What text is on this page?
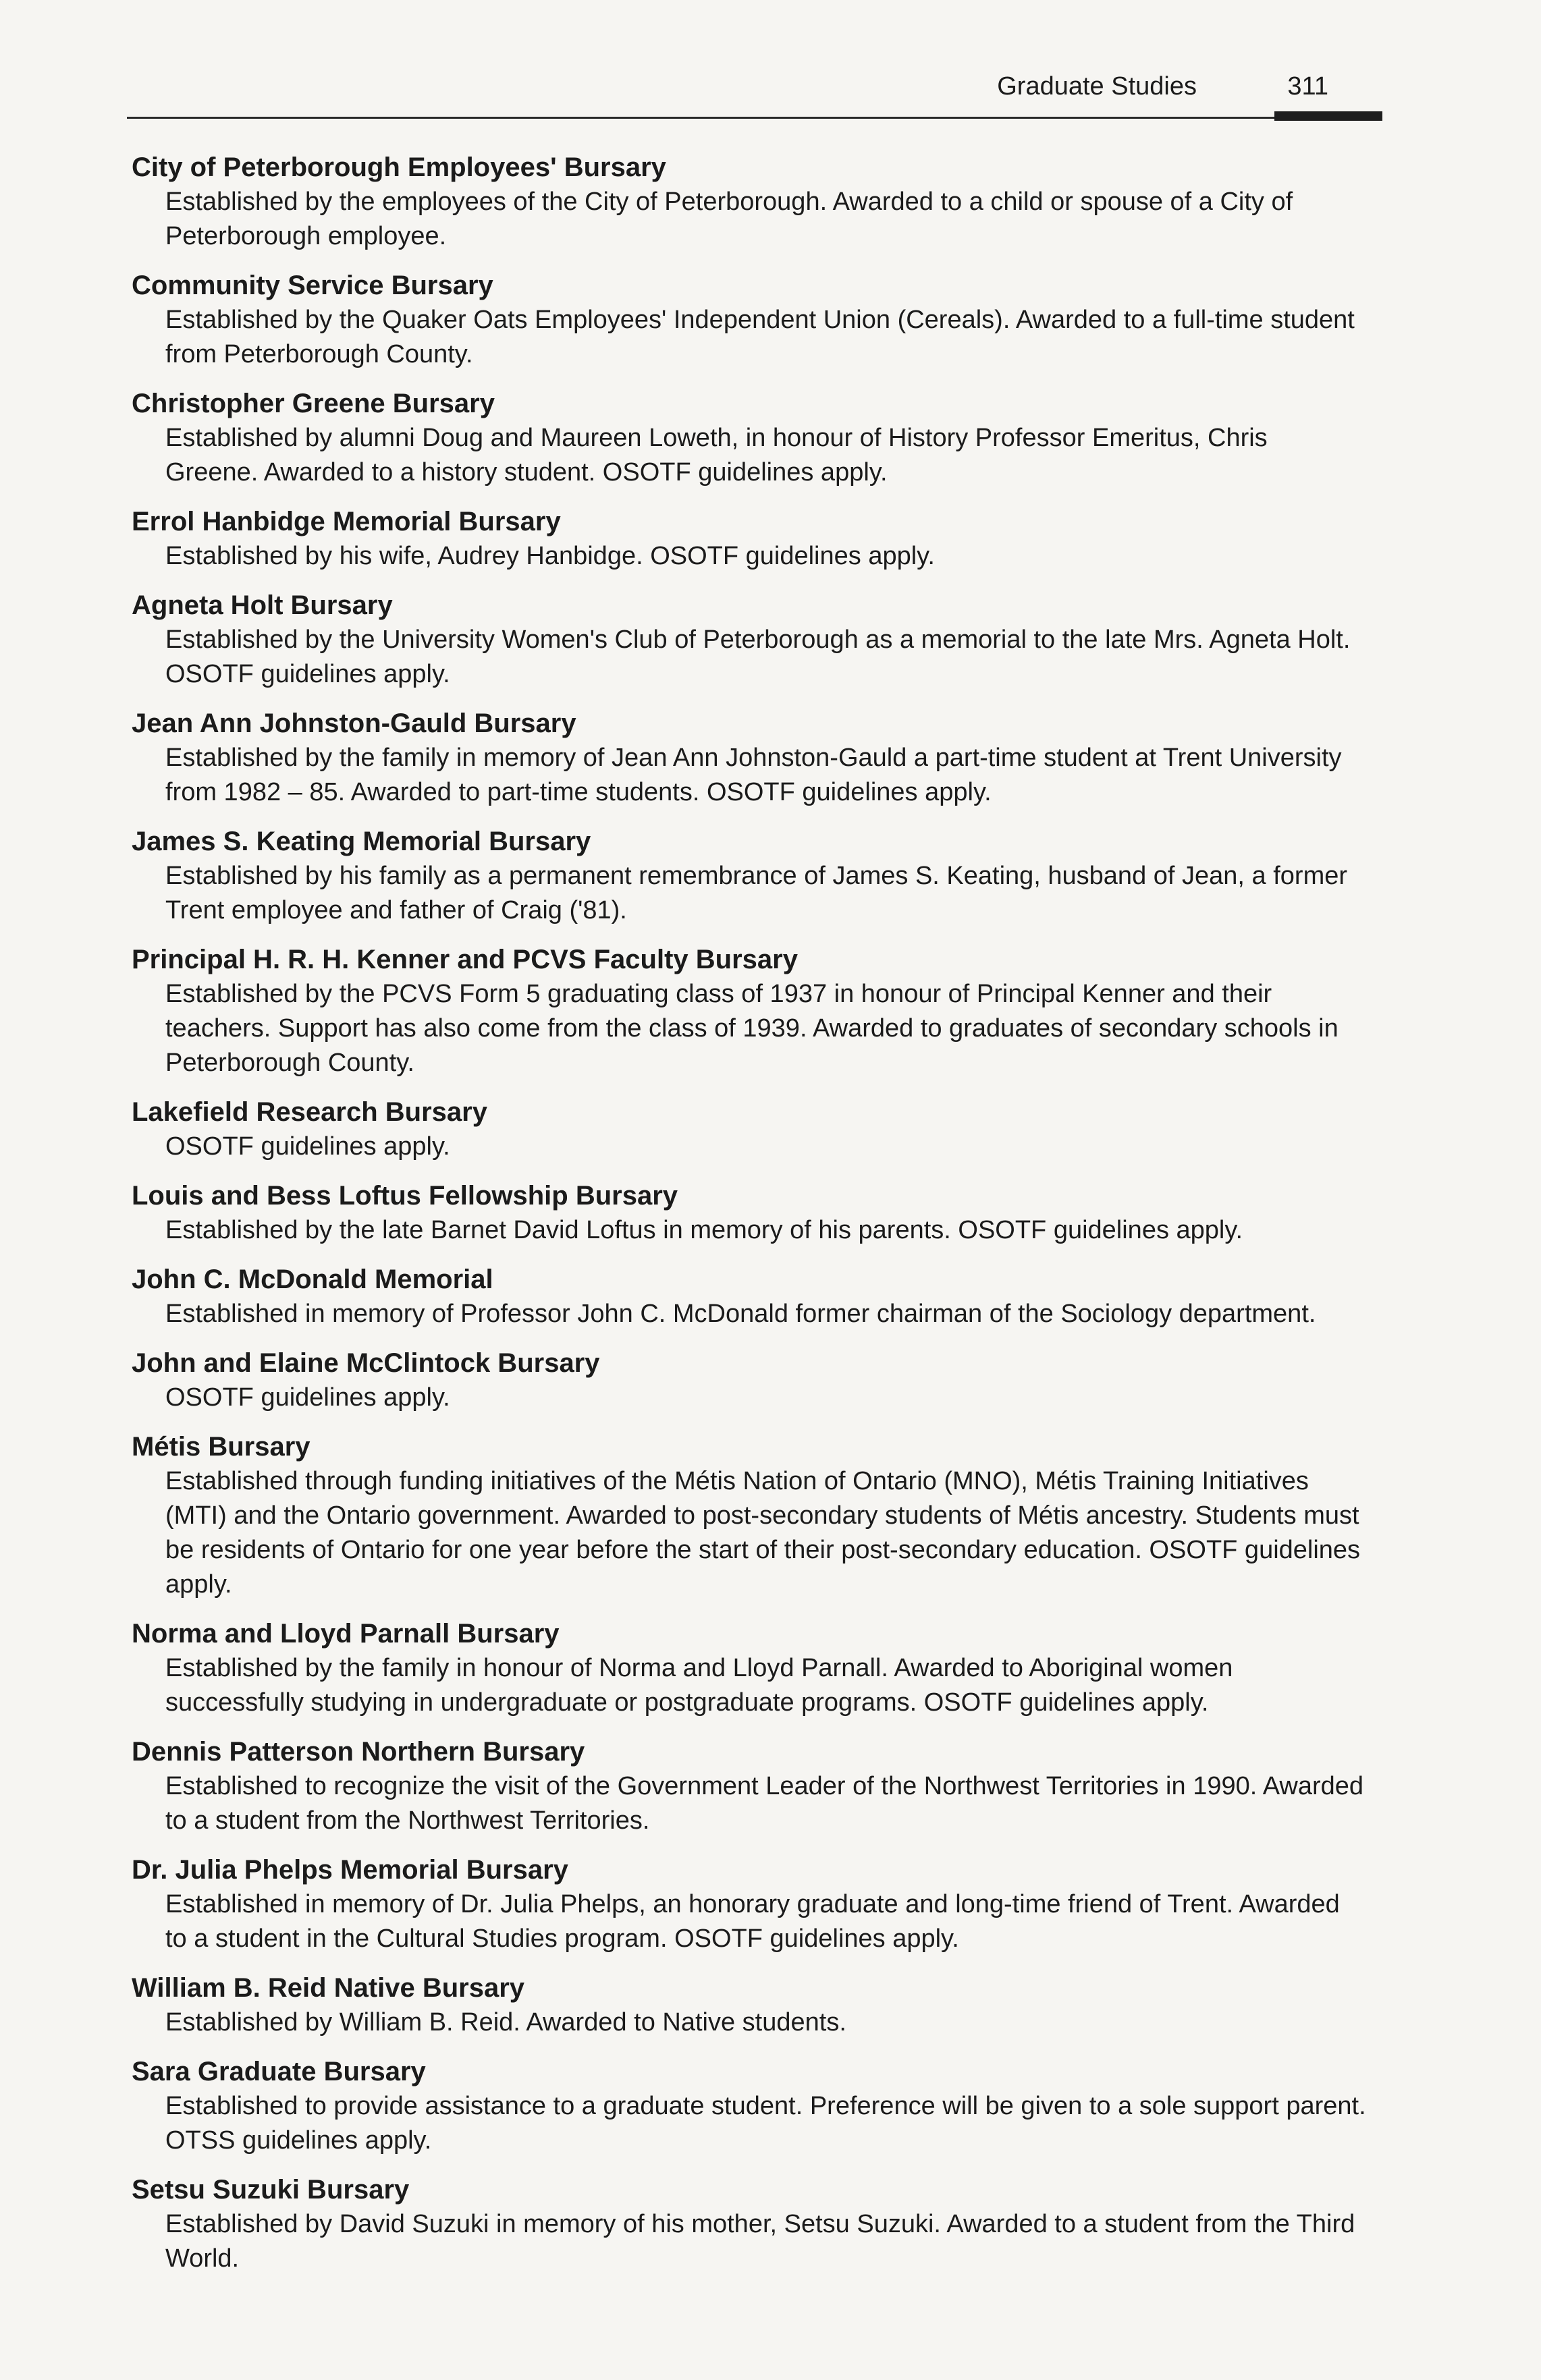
Graduate Studies	311
City of Peterborough Employees' Bursary
Established by the employees of the City of Peterborough. Awarded to a child or spouse of a City of Peterborough employee.
Community Service Bursary
Established by the Quaker Oats Employees' Independent Union (Cereals). Awarded to a full-time student from Peterborough County.
Christopher Greene Bursary
Established by alumni Doug and Maureen Loweth, in honour of History Professor Emeritus, Chris Greene. Awarded to a history student. OSOTF guidelines apply.
Errol Hanbidge Memorial Bursary
Established by his wife, Audrey Hanbidge. OSOTF guidelines apply.
Agneta Holt Bursary
Established by the University Women's Club of Peterborough as a memorial to the late Mrs. Agneta Holt. OSOTF guidelines apply.
Jean Ann Johnston-Gauld Bursary
Established by the family in memory of Jean Ann Johnston-Gauld a part-time student at Trent University from 1982 – 85. Awarded to part-time students. OSOTF guidelines apply.
James S. Keating Memorial Bursary
Established by his family as a permanent remembrance of James S. Keating, husband of Jean, a former Trent employee and father of Craig ('81).
Principal H. R. H. Kenner and PCVS Faculty Bursary
Established by the PCVS Form 5 graduating class of 1937 in honour of Principal Kenner and their teachers. Support has also come from the class of 1939. Awarded to graduates of secondary schools in Peterborough County.
Lakefield Research Bursary
OSOTF guidelines apply.
Louis and Bess Loftus Fellowship Bursary
Established by the late Barnet David Loftus in memory of his parents. OSOTF guidelines apply.
John C. McDonald Memorial
Established in memory of Professor John C. McDonald former chairman of the Sociology department.
John and Elaine McClintock Bursary
OSOTF guidelines apply.
Métis Bursary
Established through funding initiatives of the Métis Nation of Ontario (MNO), Métis Training Initiatives (MTI) and the Ontario government. Awarded to post-secondary students of Métis ancestry. Students must be residents of Ontario for one year before the start of their post-secondary education. OSOTF guidelines apply.
Norma and Lloyd Parnall Bursary
Established by the family in honour of Norma and Lloyd Parnall. Awarded to Aboriginal women successfully studying in undergraduate or postgraduate programs. OSOTF guidelines apply.
Dennis Patterson Northern Bursary
Established to recognize the visit of the Government Leader of the Northwest Territories in 1990. Awarded to a student from the Northwest Territories.
Dr. Julia Phelps Memorial Bursary
Established in memory of Dr. Julia Phelps, an honorary graduate and long-time friend of Trent. Awarded to a student in the Cultural Studies program. OSOTF guidelines apply.
William B. Reid Native Bursary
Established by William B. Reid. Awarded to Native students.
Sara Graduate Bursary
Established to provide assistance to a graduate student. Preference will be given to a sole support parent. OTSS guidelines apply.
Setsu Suzuki Bursary
Established by David Suzuki in memory of his mother, Setsu Suzuki. Awarded to a student from the Third World.
